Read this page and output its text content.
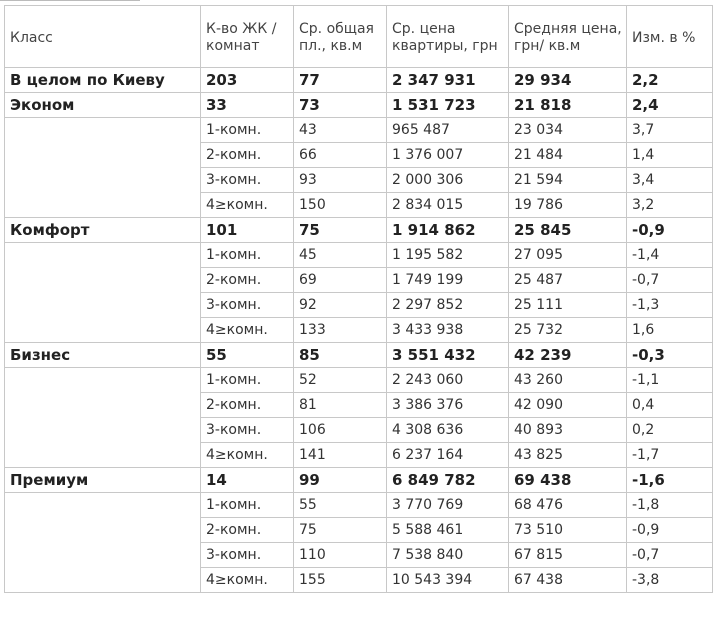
Класс	К-во ЖК / комнат	Ср. общая пл., кв.м	Ср. цена квартиры, грн	Средняя цена, грн/ кв.м	Изм. в %
В целом по Киеву	203	77	2 347 931	29 934	2,2
Эконом	33	73	1 531 723	21 818	2,4
	1-комн.	43	965 487	23 034	3,7
	2-комн.	66	1 376 007	21 484	1,4
	3-комн.	93	2 000 306	21 594	3,4
	4≥комн.	150	2 834 015	19 786	3,2
Комфорт	101	75	1 914 862	25 845	-0,9
	1-комн.	45	1 195 582	27 095	-1,4
	2-комн.	69	1 749 199	25 487	-0,7
	3-комн.	92	2 297 852	25 111	-1,3
	4≥комн.	133	3 433 938	25 732	1,6
Бизнес	55	85	3 551 432	42 239	-0,3
	1-комн.	52	2 243 060	43 260	-1,1
	2-комн.	81	3 386 376	42 090	0,4
	3-комн.	106	4 308 636	40 893	0,2
	4≥комн.	141	6 237 164	43 825	-1,7
Премиум	14	99	6 849 782	69 438	-1,6
	1-комн.	55	3 770 769	68 476	-1,8
	2-комн.	75	5 588 461	73 510	-0,9
	3-комн.	110	7 538 840	67 815	-0,7
	4≥комн.	155	10 543 394	67 438	-3,8
